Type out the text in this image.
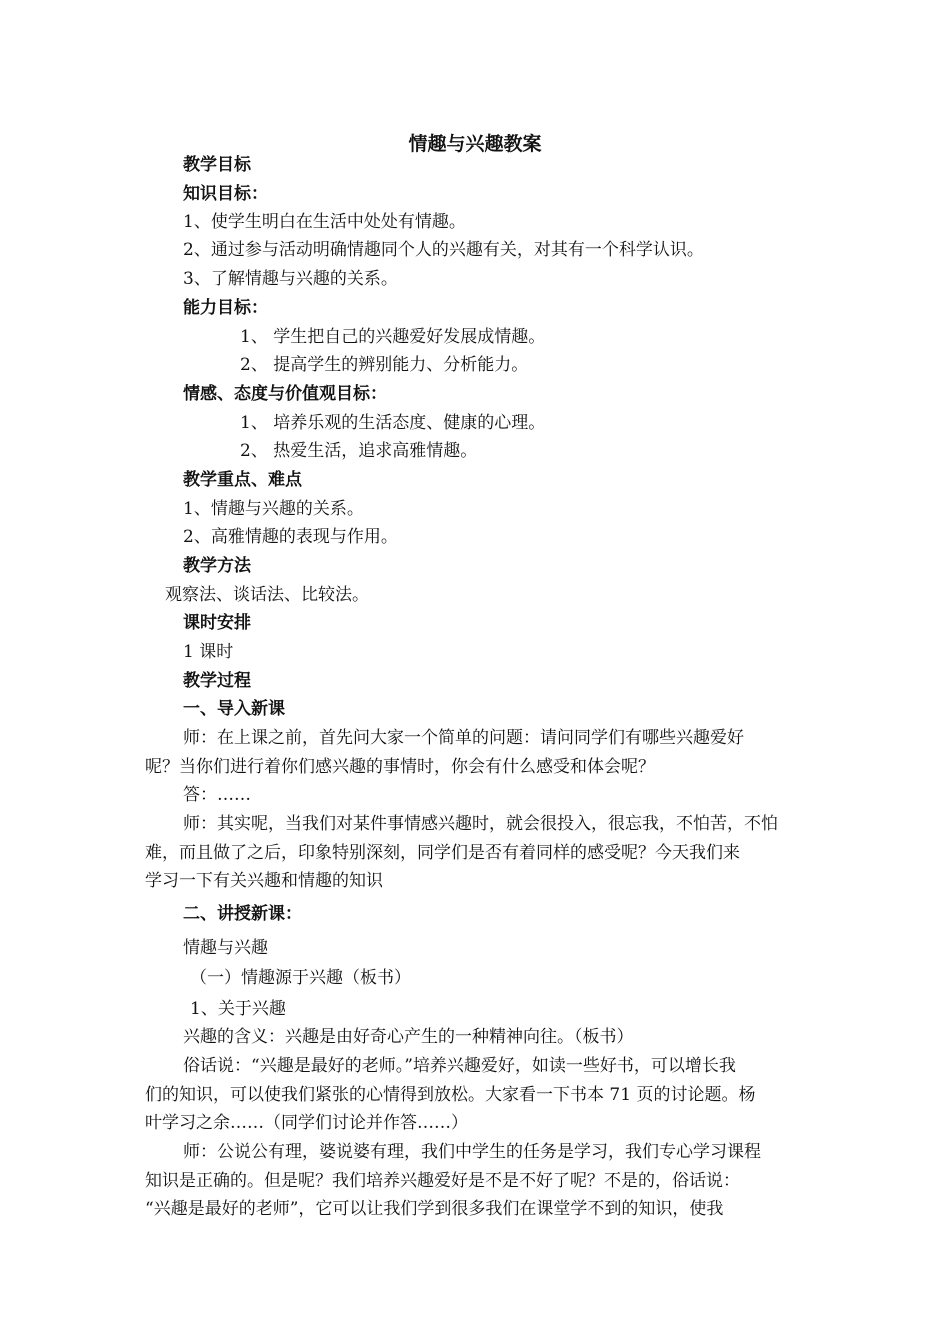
情趣与兴趣教案
教学目标
知识目标：
1、使学生明白在生活中处处有情趣。
2、通过参与活动明确情趣同个人的兴趣有关，对其有一个科学认识。
3、了解情趣与兴趣的关系。
能力目标：
1、 学生把自己的兴趣爱好发展成情趣。
2、 提高学生的辨别能力、分析能力。
情感、态度与价值观目标：
1、 培养乐观的生活态度、健康的心理。
2、 热爱生活，追求高雅情趣。
教学重点、难点
1、情趣与兴趣的关系。
2、高雅情趣的表现与作用。
教学方法
观察法、谈话法、比较法。
课时安排
1 课时
教学过程
一、导入新课
师：在上课之前，首先问大家一个简单的问题：请问同学们有哪些兴趣爱好
呢？当你们进行着你们感兴趣的事情时，你会有什么感受和体会呢？
答：……
师：其实呢，当我们对某件事情感兴趣时，就会很投入，很忘我，不怕苦，不怕
难，而且做了之后，印象特别深刻，同学们是否有着同样的感受呢？今天我们来
学习一下有关兴趣和情趣的知识
二、讲授新课：
情趣与兴趣
（一）情趣源于兴趣（板书）
1、关于兴趣
兴趣的含义：兴趣是由好奇心产生的一种精神向往。（板书）
俗话说：“兴趣是最好的老师。”培养兴趣爱好，如读一些好书，可以增长我
们的知识，可以使我们紧张的心情得到放松。大家看一下书本 71 页的讨论题。杨
叶学习之余……（同学们讨论并作答……）
师：公说公有理，婆说婆有理，我们中学生的任务是学习，我们专心学习课程
知识是正确的。但是呢？我们培养兴趣爱好是不是不好了呢？不是的，俗话说：
“兴趣是最好的老师”，它可以让我们学到很多我们在课堂学不到的知识，使我
